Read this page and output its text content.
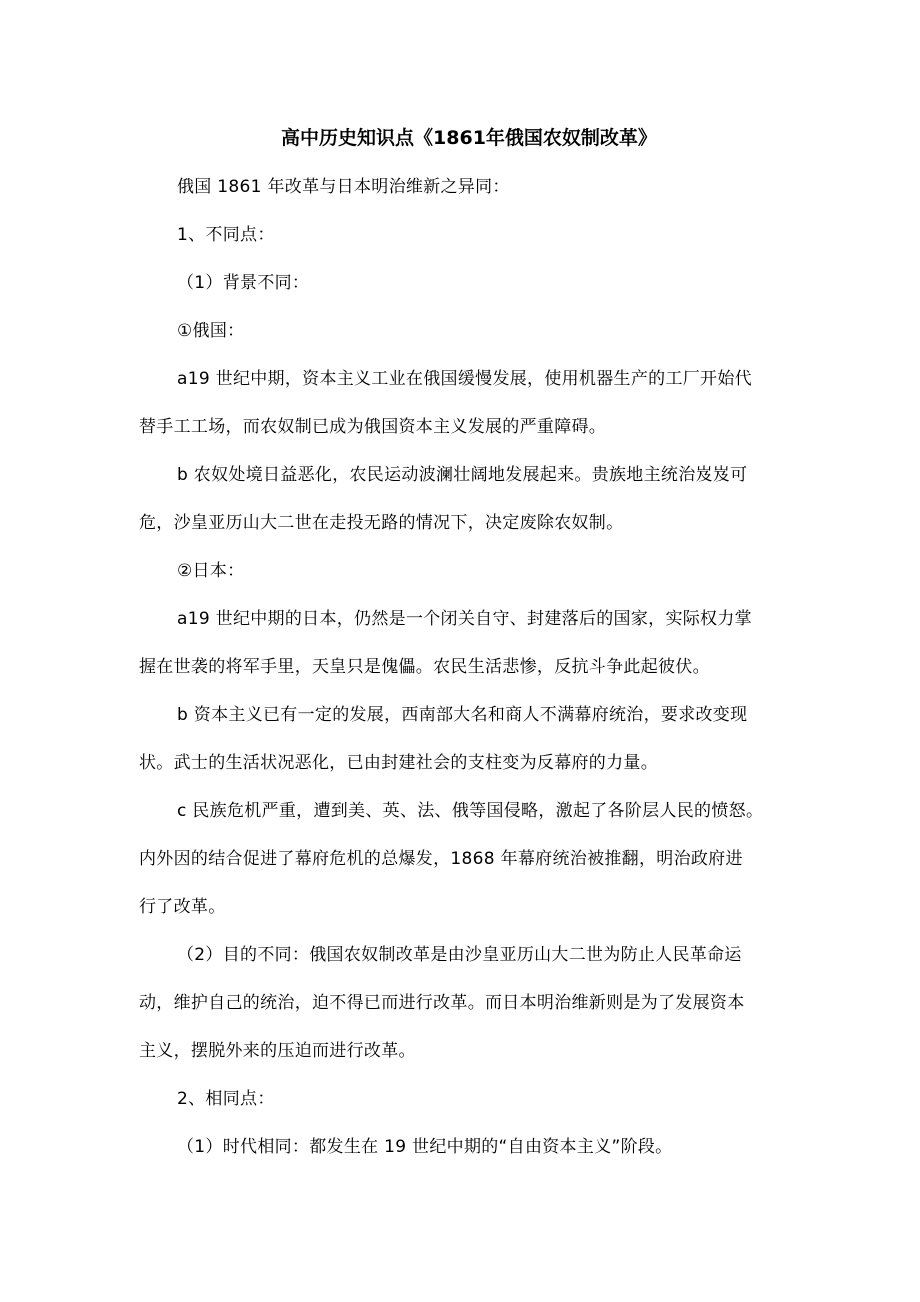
高中历史知识点《1861年俄国农奴制改革》
俄国 1861 年改革与日本明治维新之异同：
1、不同点：
（1）背景不同：
①俄国：
a19 世纪中期，资本主义工业在俄国缓慢发展，使用机器生产的工厂开始代
替手工工场，而农奴制已成为俄国资本主义发展的严重障碍。
b 农奴处境日益恶化，农民运动波澜壮阔地发展起来。贵族地主统治岌岌可
危，沙皇亚历山大二世在走投无路的情况下，决定废除农奴制。
②日本：
a19 世纪中期的日本，仍然是一个闭关自守、封建落后的国家，实际权力掌
握在世袭的将军手里，天皇只是傀儡。农民生活悲惨，反抗斗争此起彼伏。
b 资本主义已有一定的发展，西南部大名和商人不满幕府统治，要求改变现
状。武士的生活状况恶化，已由封建社会的支柱变为反幕府的力量。
c 民族危机严重，遭到美、英、法、俄等国侵略，激起了各阶层人民的愤怒。
内外因的结合促进了幕府危机的总爆发，1868 年幕府统治被推翻，明治政府进
行了改革。
（2）目的不同：俄国农奴制改革是由沙皇亚历山大二世为防止人民革命运
动，维护自己的统治，迫不得已而进行改革。而日本明治维新则是为了发展资本
主义，摆脱外来的压迫而进行改革。
2、相同点：
（1）时代相同：都发生在 19 世纪中期的“自由资本主义”阶段。
